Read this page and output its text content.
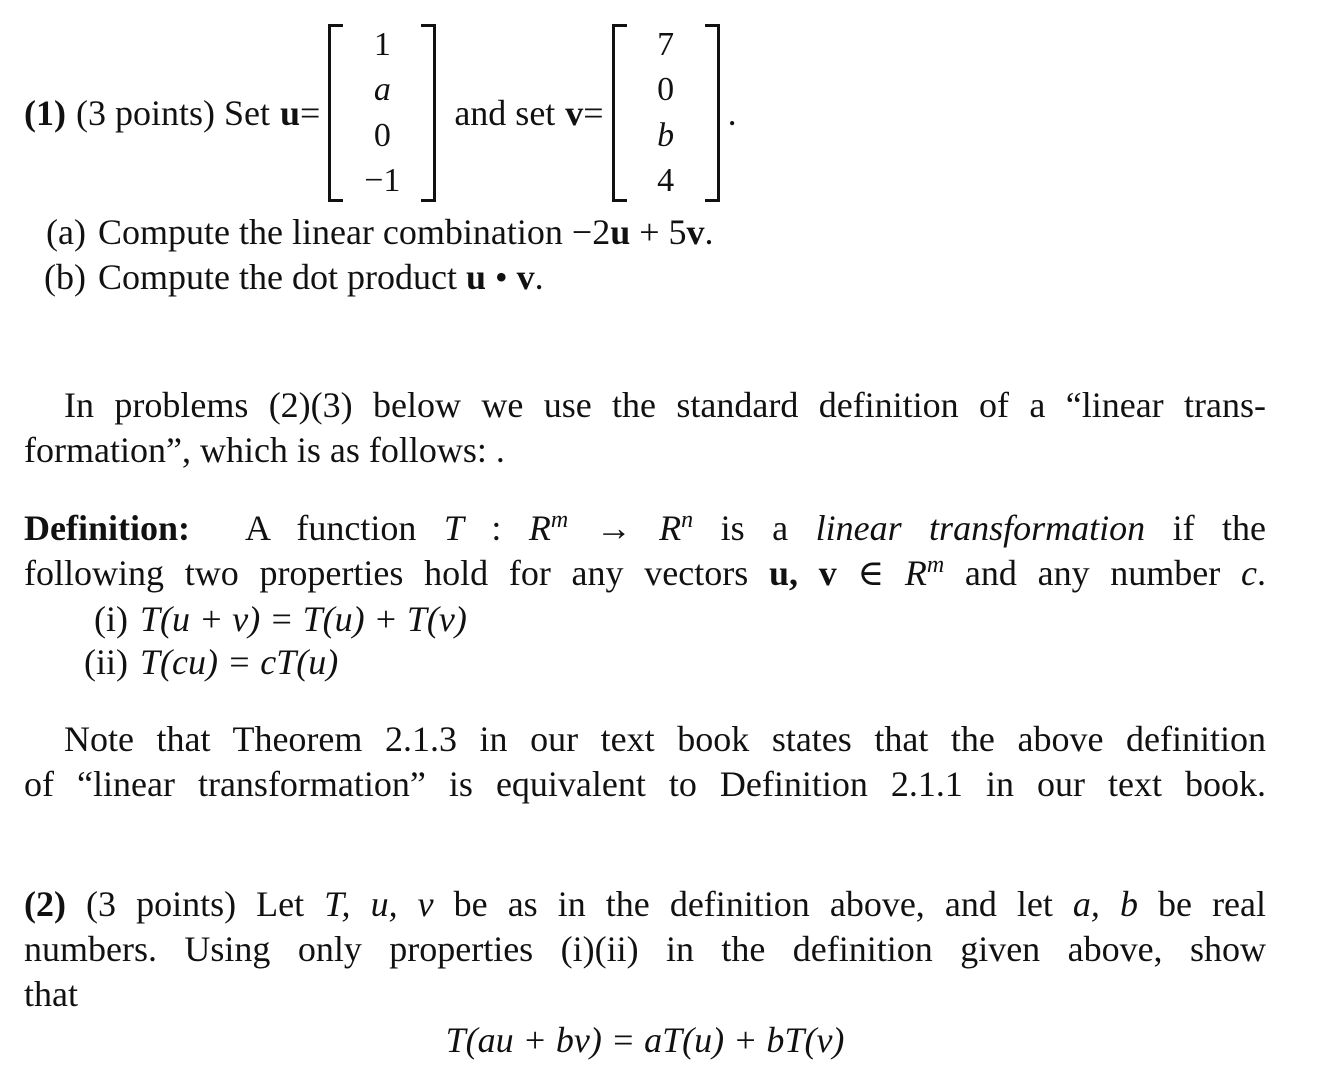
(1) (3 points) Set u =
1
a
0
−1
and set v =
7
0
b
4
.
(a) Compute the linear combination −2u + 5v.
(b) Compute the dot product u • v.
In problems (2)(3) below we use the standard definition of a “linear trans-
formation”, which is as follows: .
Definition: A function T : $R^m \to R^n$ is a linear transformation if the
following two properties hold for any vectors u, v ∈ $R^m$ and any number c.
(i) T(u + v) = T(u) + T(v)
(ii) T(cu) = cT(u)
Note that Theorem 2.1.3 in our text book states that the above definition
of “linear transformation” is equivalent to Definition 2.1.1 in our text book.
(2) (3 points) Let T, u, v be as in the definition above, and let a, b be real
numbers. Using only properties (i)(ii) in the definition given above, show
that
T(au + bv) = aT(u) + bT(v)
